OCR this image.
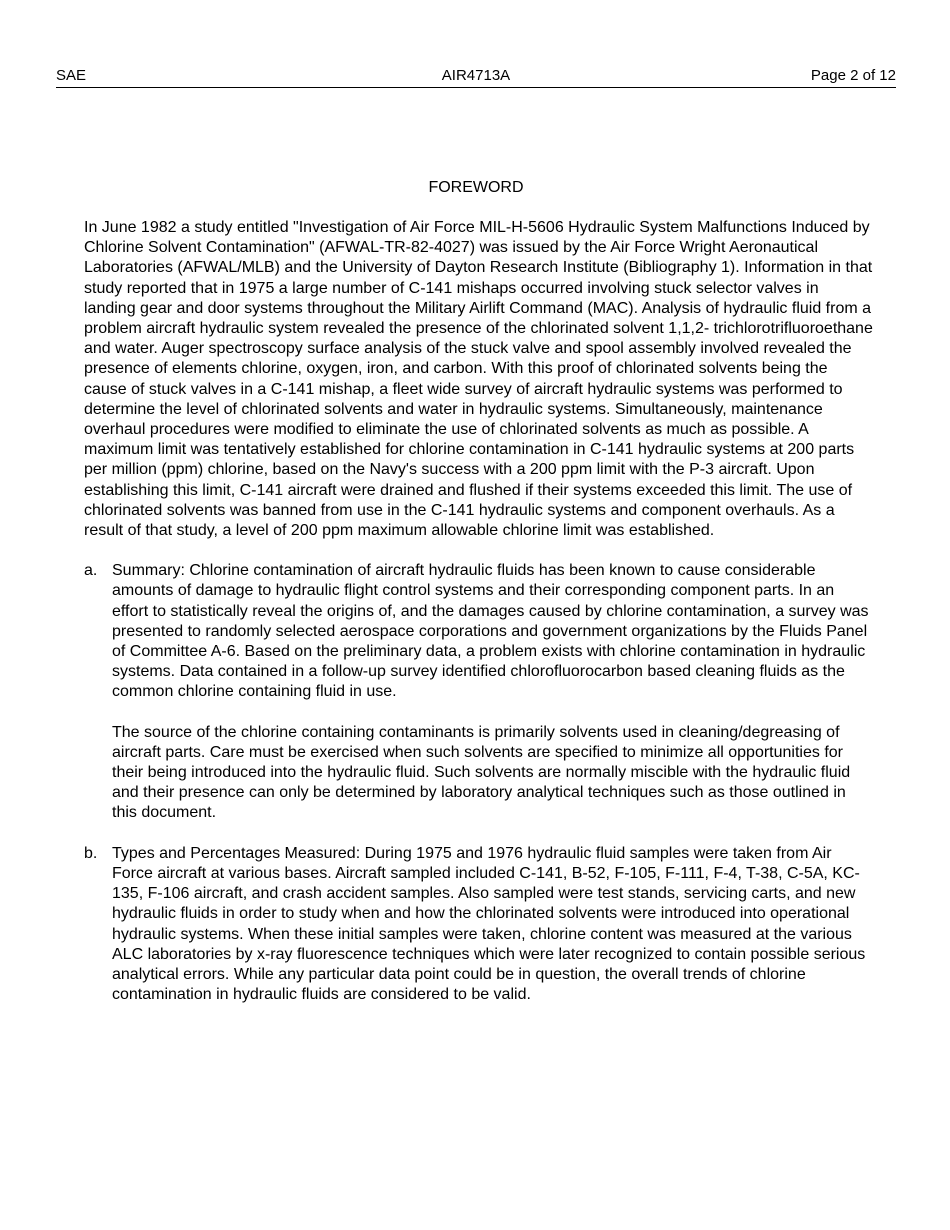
SAE	AIR4713A	Page 2 of 12
FOREWORD

In June 1982 a study entitled "Investigation of Air Force MIL-H-5606 Hydraulic System Malfunctions Induced by Chlorine Solvent Contamination" (AFWAL-TR-82-4027) was issued by the Air Force Wright Aeronautical Laboratories (AFWAL/MLB) and the University of Dayton Research Institute (Bibliography 1). Information in that study reported that in 1975 a large number of C-141 mishaps occurred involving stuck selector valves in landing gear and door systems throughout the Military Airlift Command (MAC). Analysis of hydraulic fluid from a problem aircraft hydraulic system revealed the presence of the chlorinated solvent 1,1,2- trichlorotrifluoroethane and water. Auger spectroscopy surface analysis of the stuck valve and spool assembly involved revealed the presence of elements chlorine, oxygen, iron, and carbon. With this proof of chlorinated solvents being the cause of stuck valves in a C-141 mishap, a fleet wide survey of aircraft hydraulic systems was performed to determine the level of chlorinated solvents and water in hydraulic systems. Simultaneously, maintenance overhaul procedures were modified to eliminate the use of chlorinated solvents as much as possible. A maximum limit was tentatively established for chlorine contamination in C-141 hydraulic systems at 200 parts per million (ppm) chlorine, based on the Navy's success with a 200 ppm limit with the P-3 aircraft. Upon establishing this limit, C-141 aircraft were drained and flushed if their systems exceeded this limit. The use of chlorinated solvents was banned from use in the C-141 hydraulic systems and component overhauls. As a result of that study, a level of 200 ppm maximum allowable chlorine limit was established.

a. Summary: Chlorine contamination of aircraft hydraulic fluids has been known to cause considerable amounts of damage to hydraulic flight control systems and their corresponding component parts. In an effort to statistically reveal the origins of, and the damages caused by chlorine contamination, a survey was presented to randomly selected aerospace corporations and government organizations by the Fluids Panel of Committee A-6. Based on the preliminary data, a problem exists with chlorine contamination in hydraulic systems. Data contained in a follow-up survey identified chlorofluorocarbon based cleaning fluids as the common chlorine containing fluid in use.

The source of the chlorine containing contaminants is primarily solvents used in cleaning/degreasing of aircraft parts. Care must be exercised when such solvents are specified to minimize all opportunities for their being introduced into the hydraulic fluid. Such solvents are normally miscible with the hydraulic fluid and their presence can only be determined by laboratory analytical techniques such as those outlined in this document.

b. Types and Percentages Measured: During 1975 and 1976 hydraulic fluid samples were taken from Air Force aircraft at various bases. Aircraft sampled included C-141, B-52, F-105, F-111, F-4, T-38, C-5A, KC-135, F-106 aircraft, and crash accident samples. Also sampled were test stands, servicing carts, and new hydraulic fluids in order to study when and how the chlorinated solvents were introduced into operational hydraulic systems. When these initial samples were taken, chlorine content was measured at the various ALC laboratories by x-ray fluorescence techniques which were later recognized to contain possible serious analytical errors. While any particular data point could be in question, the overall trends of chlorine contamination in hydraulic fluids are considered to be valid.
